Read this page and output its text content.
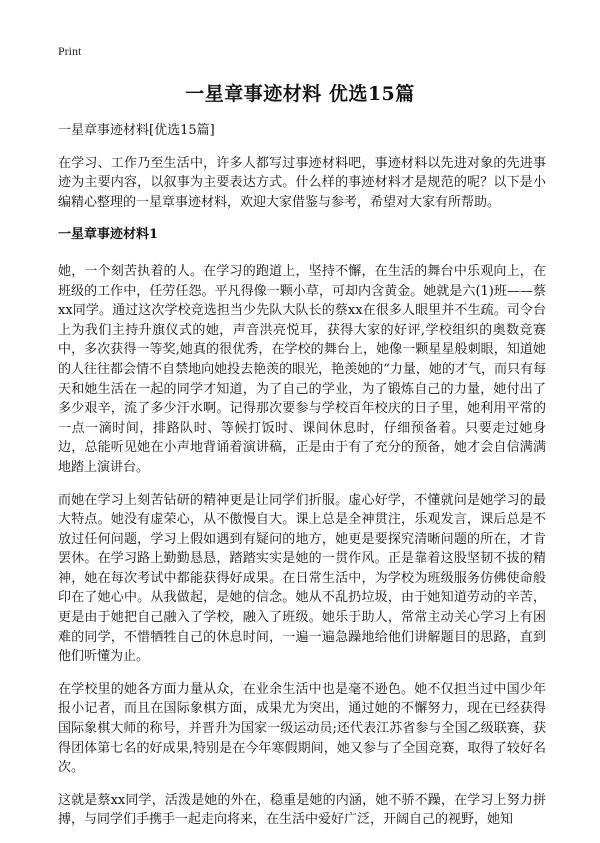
Print
一星章事迹材料 优选15篇

一星章事迹材料[优选15篇]

在学习、工作乃至生活中，许多人都写过事迹材料吧，事迹材料以先进对象的先进事迹为主要内容，以叙事为主要表达方式。什么样的事迹材料才是规范的呢？以下是小编精心整理的一星章事迹材料，欢迎大家借鉴与参考，希望对大家有所帮助。

一星章事迹材料1

她，一个刻苦执着的人。在学习的跑道上，坚持不懈，在生活的舞台中乐观向上，在班级的工作中，任劳任怨。平凡得像一颗小草，可却内含黄金。她就是六(1)班——蔡xx同学。通过这次学校竞选担当少先队大队长的蔡xx在很多人眼里并不生疏。司令台上为我们主持升旗仪式的她，声音洪亮悦耳，获得大家的好评,学校组织的奥数竞赛中，多次获得一等奖,她真的很优秀，在学校的舞台上，她像一颗星星般刺眼，知道她的人往往都会情不自禁地向她投去艳羡的眼光，艳羡她的“力量，她的才气，而只有每天和她生活在一起的同学才知道，为了自己的学业，为了锻炼自己的力量，她付出了多少艰辛，流了多少汗水啊。记得那次要参与学校百年校庆的日子里，她利用平常的一点一滴时间，排路队时、等候打饭时、课间休息时，仔细预备着。只要走过她身边，总能听见她在小声地背诵着演讲稿，正是由于有了充分的预备，她才会自信满满地踏上演讲台。

而她在学习上刻苦钻研的精神更是让同学们折服。虚心好学，不懂就问是她学习的最大特点。她没有虚荣心，从不傲慢自大。课上总是全神贯注，乐观发言，课后总是不放过任何问题，学习上假如遇到有疑问的地方，她更是要探究清晰问题的所在，才肯罢休。在学习路上勤勤恳恳，踏踏实实是她的一贯作风。正是靠着这股坚韧不拔的精神，她在每次考试中都能获得好成果。在日常生活中，为学校为班级服务仿佛使命般印在了她心中。从我做起，是她的信念。她从不乱扔垃圾，由于她知道劳动的辛苦，更是由于她把自己融入了学校，融入了班级。她乐于助人，常常主动关心学习上有困难的同学，不惜牺牲自己的休息时间，一遍一遍急躁地给他们讲解题目的思路，直到他们听懂为止。

在学校里的她各方面力量从众，在业余生活中也是毫不逊色。她不仅担当过中国少年报小记者，而且在国际象棋方面，成果尤为突出，通过她的不懈努力，现在已经获得国际象棋大师的称号，并晋升为国家一级运动员;还代表江苏省参与全国乙级联赛，获得团体第七名的好成果,特别是在今年寒假期间，她又参与了全国竞赛，取得了较好名次。

这就是蔡xx同学，活泼是她的外在，稳重是她的内涵，她不骄不躁，在学习上努力拼搏，与同学们手携手一起走向将来，在生活中爱好广泛，开阔自己的视野，她知
